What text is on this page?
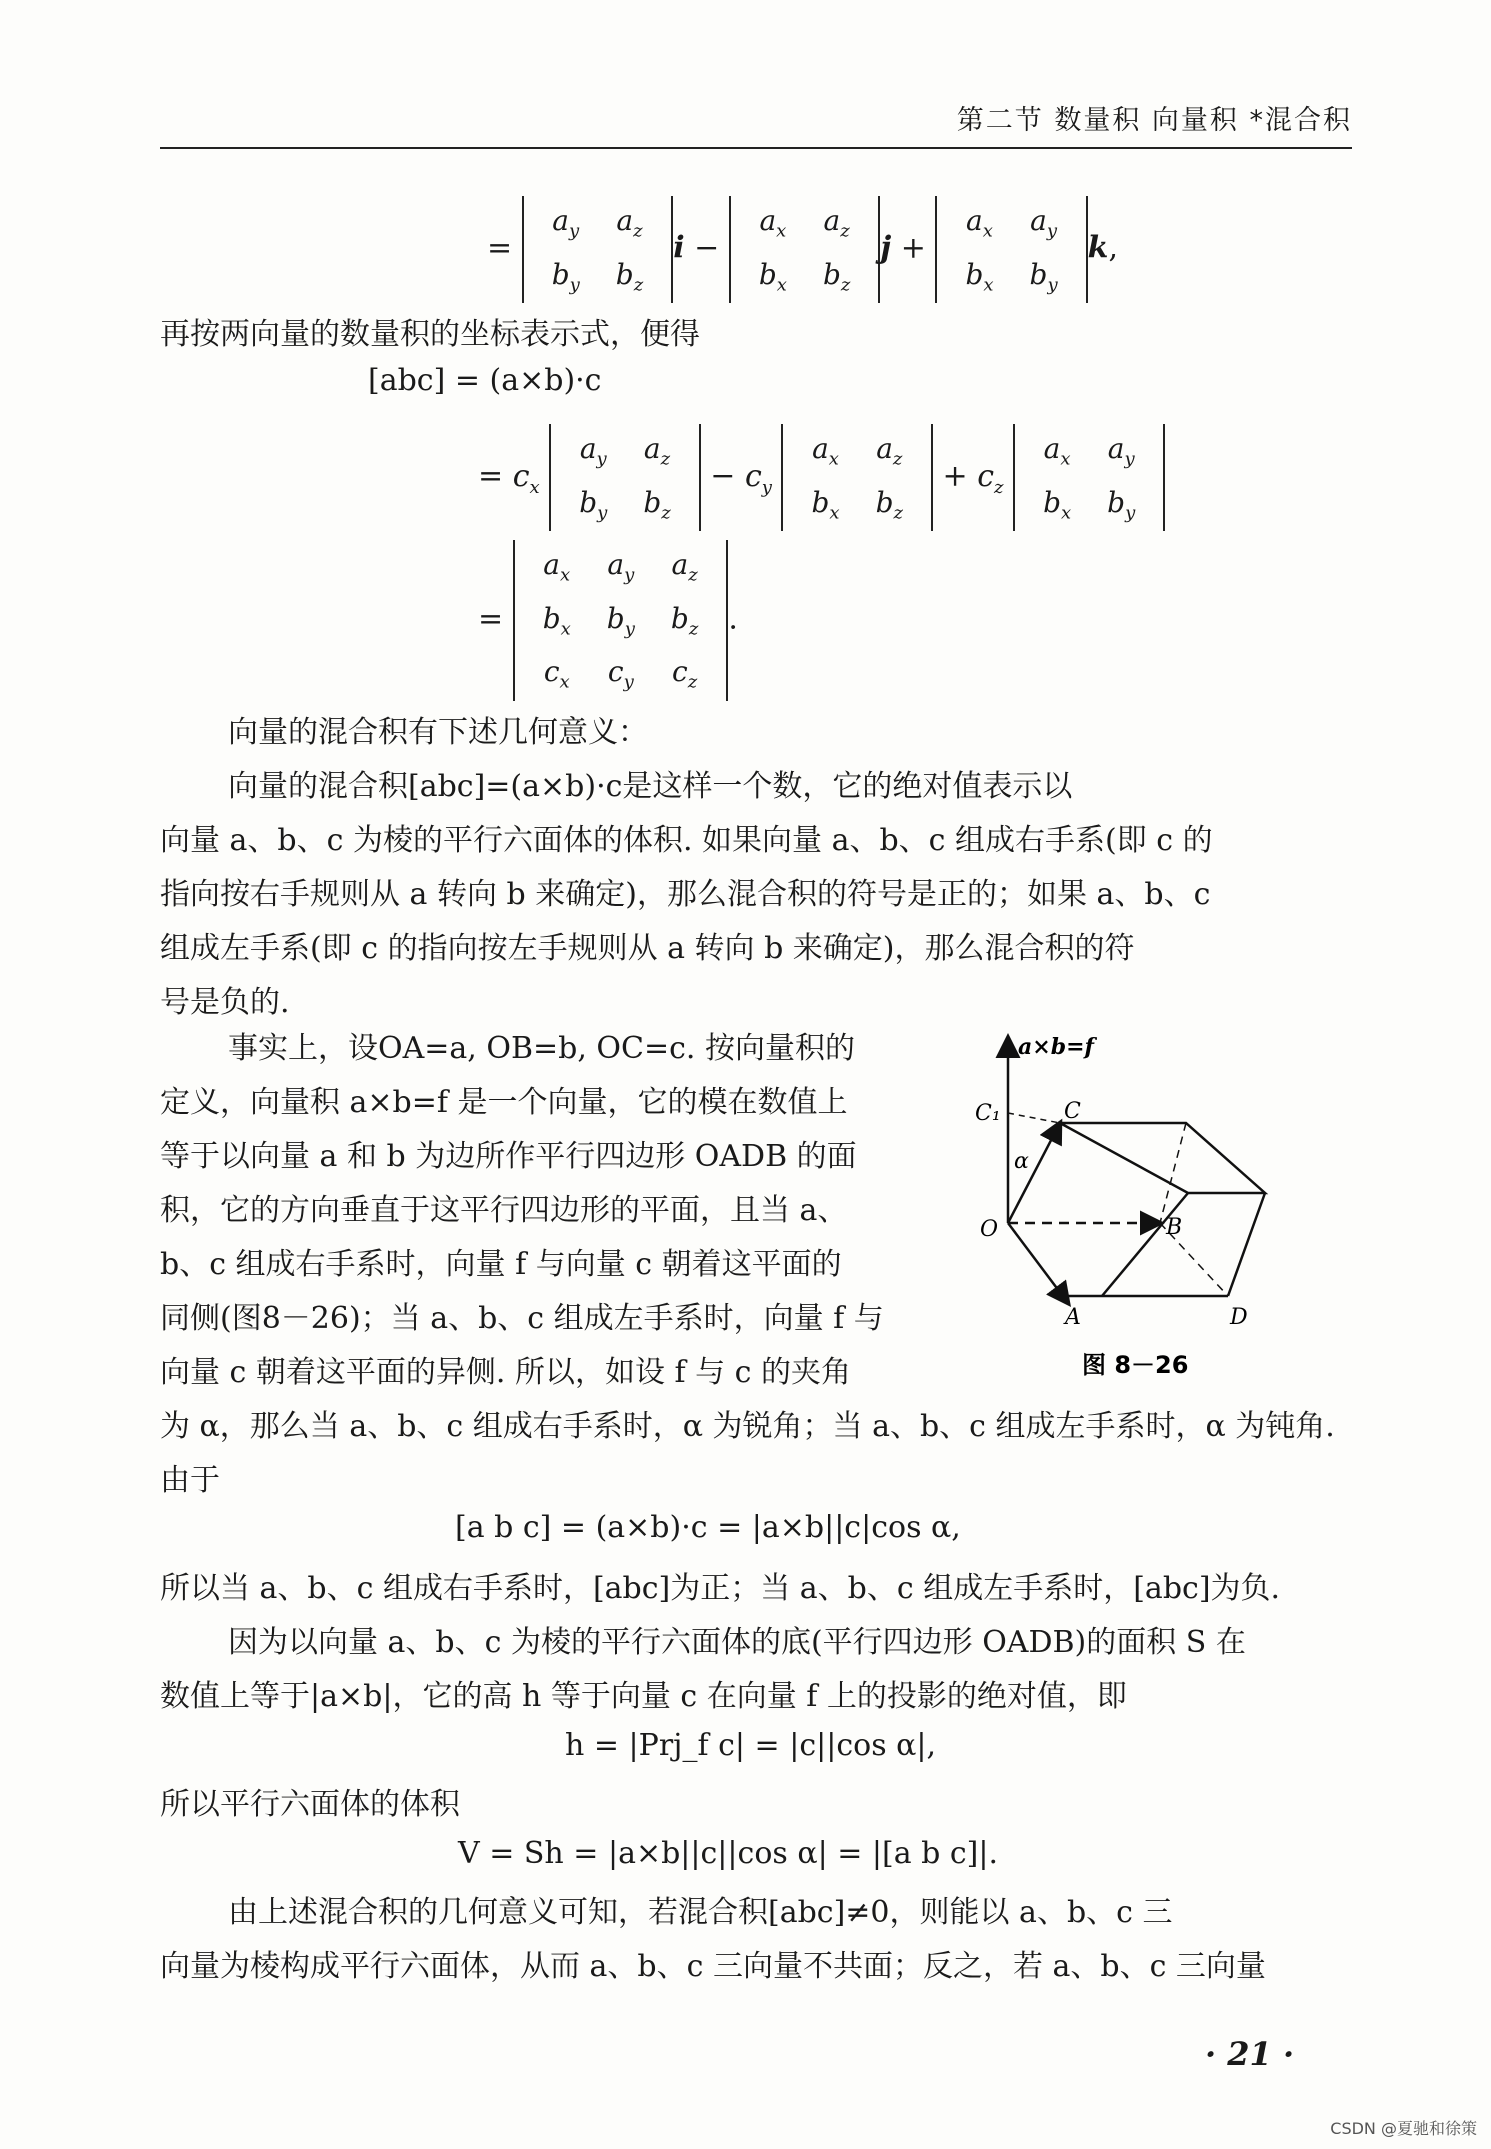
第二节 数量积 向量积 *混合积
=
$a_y$	$a_z$
$b_y$	$b_z$
i −
$a_x$	$a_z$
$b_x$	$b_z$
j +
$a_x$	$a_y$
$b_x$	$b_y$
k,
再按两向量的数量积的坐标表示式，便得
[abc] = (a×b)·c
= $c_x$
$a_y$	$a_z$
$b_y$	$b_z$
− $c_y$
$a_x$	$a_z$
$b_x$	$b_z$
+ $c_z$
$a_x$	$a_y$
$b_x$	$b_y$
=
$a_x$	$a_y$	$a_z$
$b_x$	$b_y$	$b_z$
$c_x$	$c_y$	$c_z$
.
向量的混合积有下述几何意义：
向量的混合积[abc]=(a×b)·c是这样一个数，它的绝对值表示以
向量 a、b、c 为棱的平行六面体的体积. 如果向量 a、b、c 组成右手系(即 c 的
指向按右手规则从 a 转向 b 来确定)，那么混合积的符号是正的；如果 a、b、c
组成左手系(即 c 的指向按左手规则从 a 转向 b 来确定)，那么混合积的符
号是负的.
事实上，设OA=a, OB=b, OC=c. 按向量积的
定义，向量积 a×b=f 是一个向量，它的模在数值上
等于以向量 a 和 b 为边所作平行四边形 OADB 的面
积，它的方向垂直于这平行四边形的平面，且当 a、
b、c 组成右手系时，向量 f 与向量 c 朝着这平面的
同侧(图8－26)；当 a、b、c 组成左手系时，向量 f 与
向量 c 朝着这平面的异侧. 所以，如设 f 与 c 的夹角
为 α，那么当 a、b、c 组成右手系时，α 为锐角；当 a、b、c 组成左手系时，α 为钝角.
由于
[a b c] = (a×b)·c = |a×b||c|cos α,
所以当 a、b、c 组成右手系时，[abc]为正；当 a、b、c 组成左手系时，[abc]为负.
因为以向量 a、b、c 为棱的平行六面体的底(平行四边形 OADB)的面积 S 在
数值上等于|a×b|，它的高 h 等于向量 c 在向量 f 上的投影的绝对值，即
h = |Prj_f c| = |c||cos α|,
所以平行六面体的体积
V = Sh = |a×b||c||cos α| = |[a b c]|.
由上述混合积的几何意义可知，若混合积[abc]≠0，则能以 a、b、c 三
向量为棱构成平行六面体，从而 a、b、c 三向量不共面；反之，若 a、b、c 三向量
a×b=f
C₁	C
α
O	B
A	D
图 8－26
· 21 ·
CSDN @夏驰和徐策
